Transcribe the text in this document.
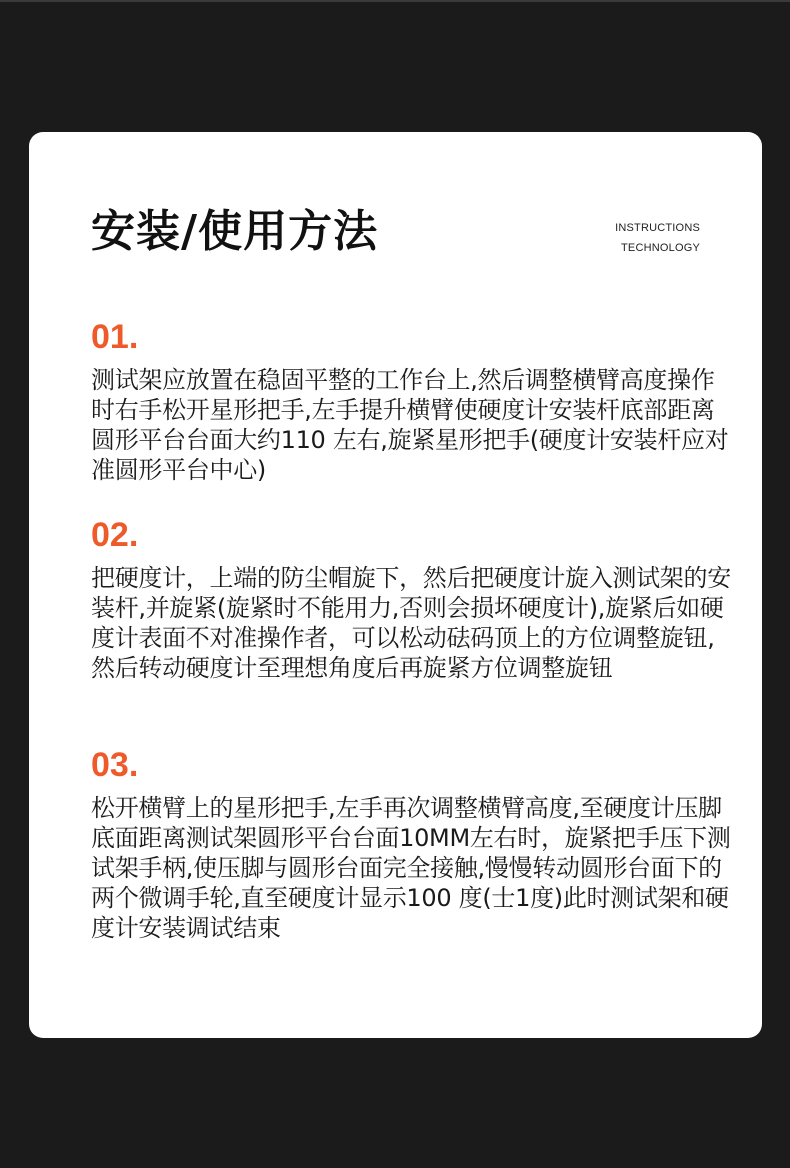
安装/使用方法	INSTRUCTIONS
TECHNOLOGY

01.

测试架应放置在稳固平整的工作台上,然后调整横臂高度操作时右手松开星形把手,左手提升横臂使硬度计安装杆底部距离圆形平台台面大约110 左右,旋紧星形把手(硬度计安装杆应对准圆形平台中心)

02.

把硬度计，上端的防尘帽旋下，然后把硬度计旋入测试架的安装杆,并旋紧(旋紧时不能用力,否则会损坏硬度计),旋紧后如硬度计表面不对准操作者，可以松动砝码顶上的方位调整旋钮,然后转动硬度计至理想角度后再旋紧方位调整旋钮

03.

松开横臂上的星形把手,左手再次调整横臂高度,至硬度计压脚底面距离测试架圆形平台台面10MM左右时，旋紧把手压下测试架手柄,使压脚与圆形台面完全接触,慢慢转动圆形台面下的两个微调手轮,直至硬度计显示100 度(士1度)此时测试架和硬度计安装调试结束
